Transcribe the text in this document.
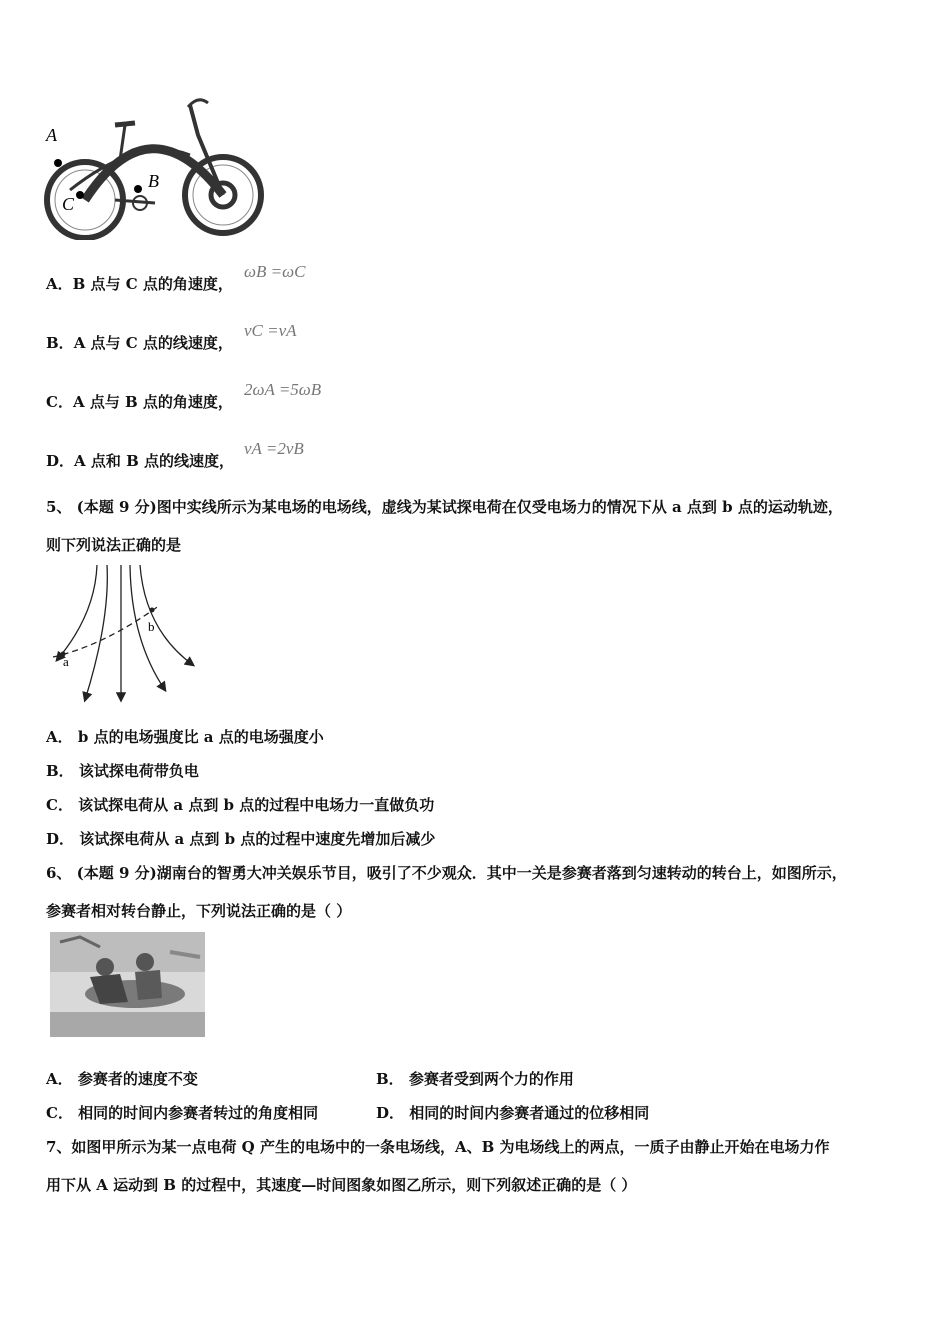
A
C
B
A．B 点与 C 点的角速度，
ωB =ωC
B．A 点与 C 点的线速度，
vC =vA
C．A 点与 B 点的角速度，
2ωA =5ωB
D．A 点和 B 点的线速度，
vA =2vB
5、 (本题 9 分)图中实线所示为某电场的电场线，虚线为某试探电荷在仅受电场力的情况下从 a 点到 b 点的运动轨迹，
则下列说法正确的是
a
b
A． b 点的电场强度比 a 点的电场强度小
B． 该试探电荷带负电
C． 该试探电荷从 a 点到 b 点的过程中电场力一直做负功
D． 该试探电荷从 a 点到 b 点的过程中速度先增加后减少
6、 (本题 9 分)湖南台的智勇大冲关娱乐节目，吸引了不少观众．其中一关是参赛者落到匀速转动的转台上，如图所示，
参赛者相对转台静止，下列说法正确的是（ ）
A． 参赛者的速度不变	B． 参赛者受到两个力的作用
C． 相同的时间内参赛者转过的角度相同	D． 相同的时间内参赛者通过的位移相同
7、如图甲所示为某一点电荷 Q 产生的电场中的一条电场线，A、B 为电场线上的两点，一质子由静止开始在电场力作
用下从 A 运动到 B 的过程中，其速度—时间图象如图乙所示，则下列叙述正确的是（ ）
